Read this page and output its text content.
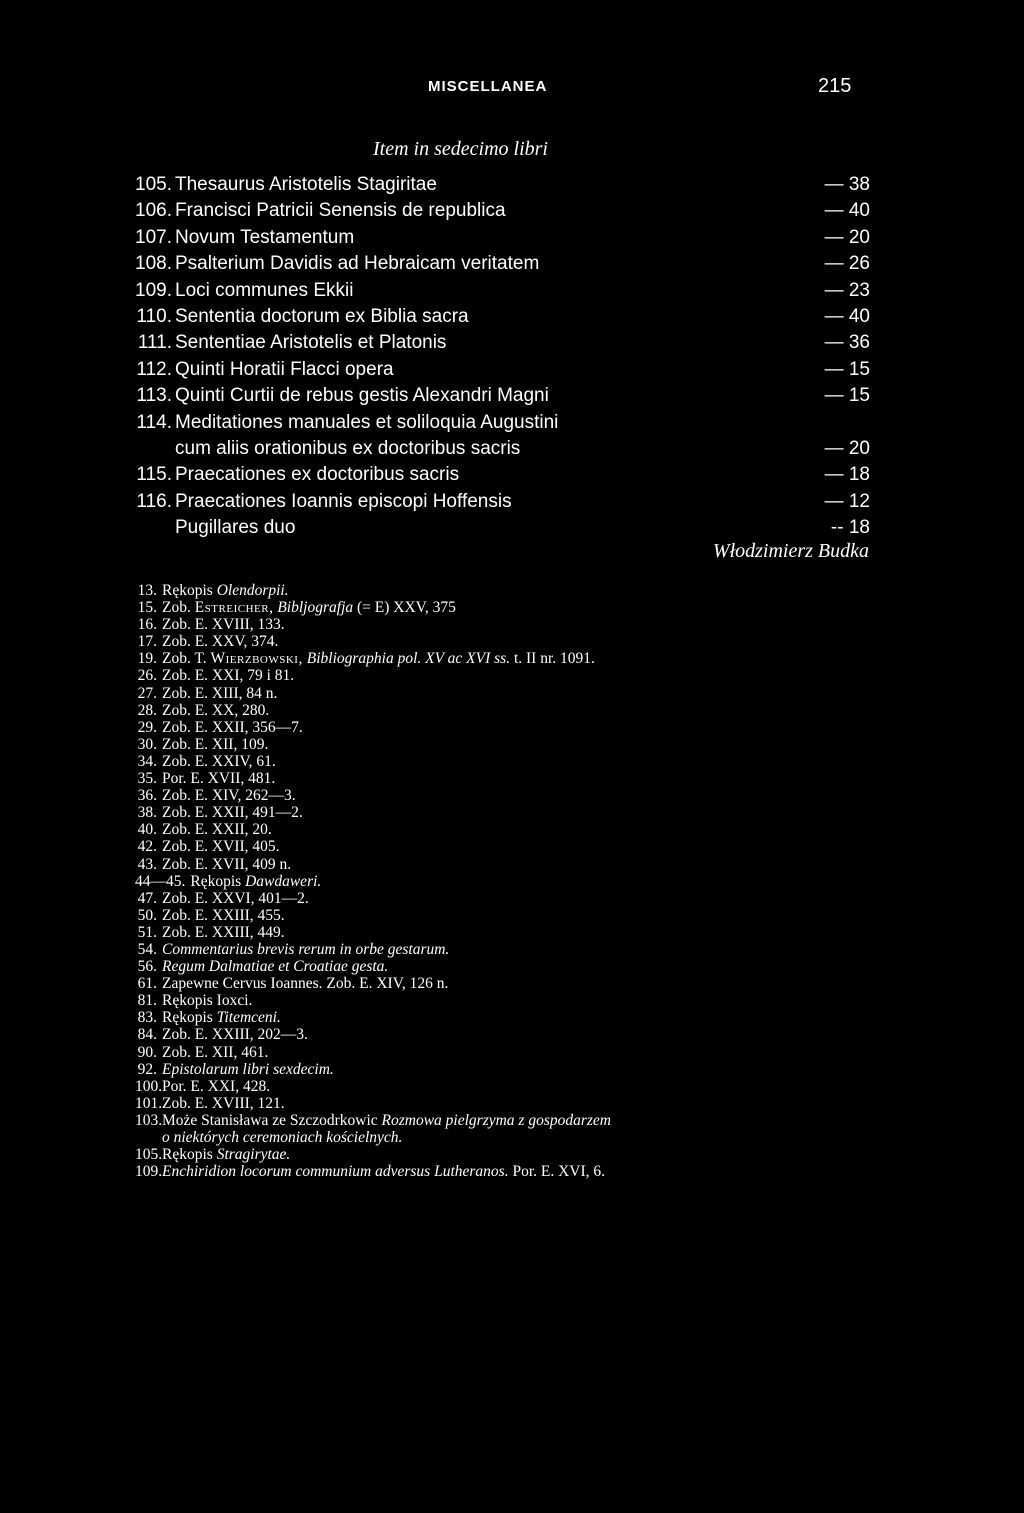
MISCELLANEA	215
Item in sedecimo libri
105. Thesaurus Aristotelis Stagiritae	— 38
106. Francisci Patricii Senensis de republica	— 40
107. Novum Testamentum	— 20
108. Psalterium Davidis ad Hebraicam veritatem	— 26
109. Loci communes Ekkii	— 23
110. Sententia doctorum ex Biblia sacra	— 40
111. Sententiae Aristotelis et Platonis	— 36
112. Quinti Horatii Flacci opera	— 15
113. Quinti Curtii de rebus gestis Alexandri Magni	— 15
114. Meditationes manuales et soliloquia Augustini
cum aliis orationibus ex doctoribus sacris	— 20
115. Praecationes ex doctoribus sacris	— 18
116. Praecationes Ioannis episcopi Hoffensis	— 12
Pugillares duo	-- 18
Włodzimierz Budka
13. Rękopis Olendorpii.
15. Zob. Estreicher, Bibljografja (= E) XXV, 375
16. Zob. E. XVIII, 133.
17. Zob. E. XXV, 374.
19. Zob. T. Wierzbowski, Bibliographia pol. XV ac XVI ss. t. II nr. 1091.
26. Zob. E. XXI, 79 i 81.
27. Zob. E. XIII, 84 n.
28. Zob. E. XX, 280.
29. Zob. E. XXII, 356—7.
30. Zob. E. XII, 109.
34. Zob. E. XXIV, 61.
35. Por. E. XVII, 481.
36. Zob. E. XIV, 262—3.
38. Zob. E. XXII, 491—2.
40. Zob. E. XXII, 20.
42. Zob. E. XVII, 405.
43. Zob. E. XVII, 409 n.
44—45. Rękopis Dawdaweri.
47. Zob. E. XXVI, 401—2.
50. Zob. E. XXIII, 455.
51. Zob. E. XXIII, 449.
54. Commentarius brevis rerum in orbe gestarum.
56. Regum Dalmatiae et Croatiae gesta.
61. Zapewne Cervus Ioannes. Zob. E. XIV, 126 n.
81. Rękopis Ioxci.
83. Rękopis Titemceni.
84. Zob. E. XXIII, 202—3.
90. Zob. E. XII, 461.
92. Epistolarum libri sexdecim.
100. Por. E. XXI, 428.
101. Zob. E. XVIII, 121.
103. Może Stanisława ze Szczodrkowic Rozmowa pielgrzyma z gospodarzem
o niektórych ceremoniach kościelnych.
105. Rękopis Stragirytae.
109. Enchiridion locorum communium adversus Lutheranos. Por. E. XVI, 6.
